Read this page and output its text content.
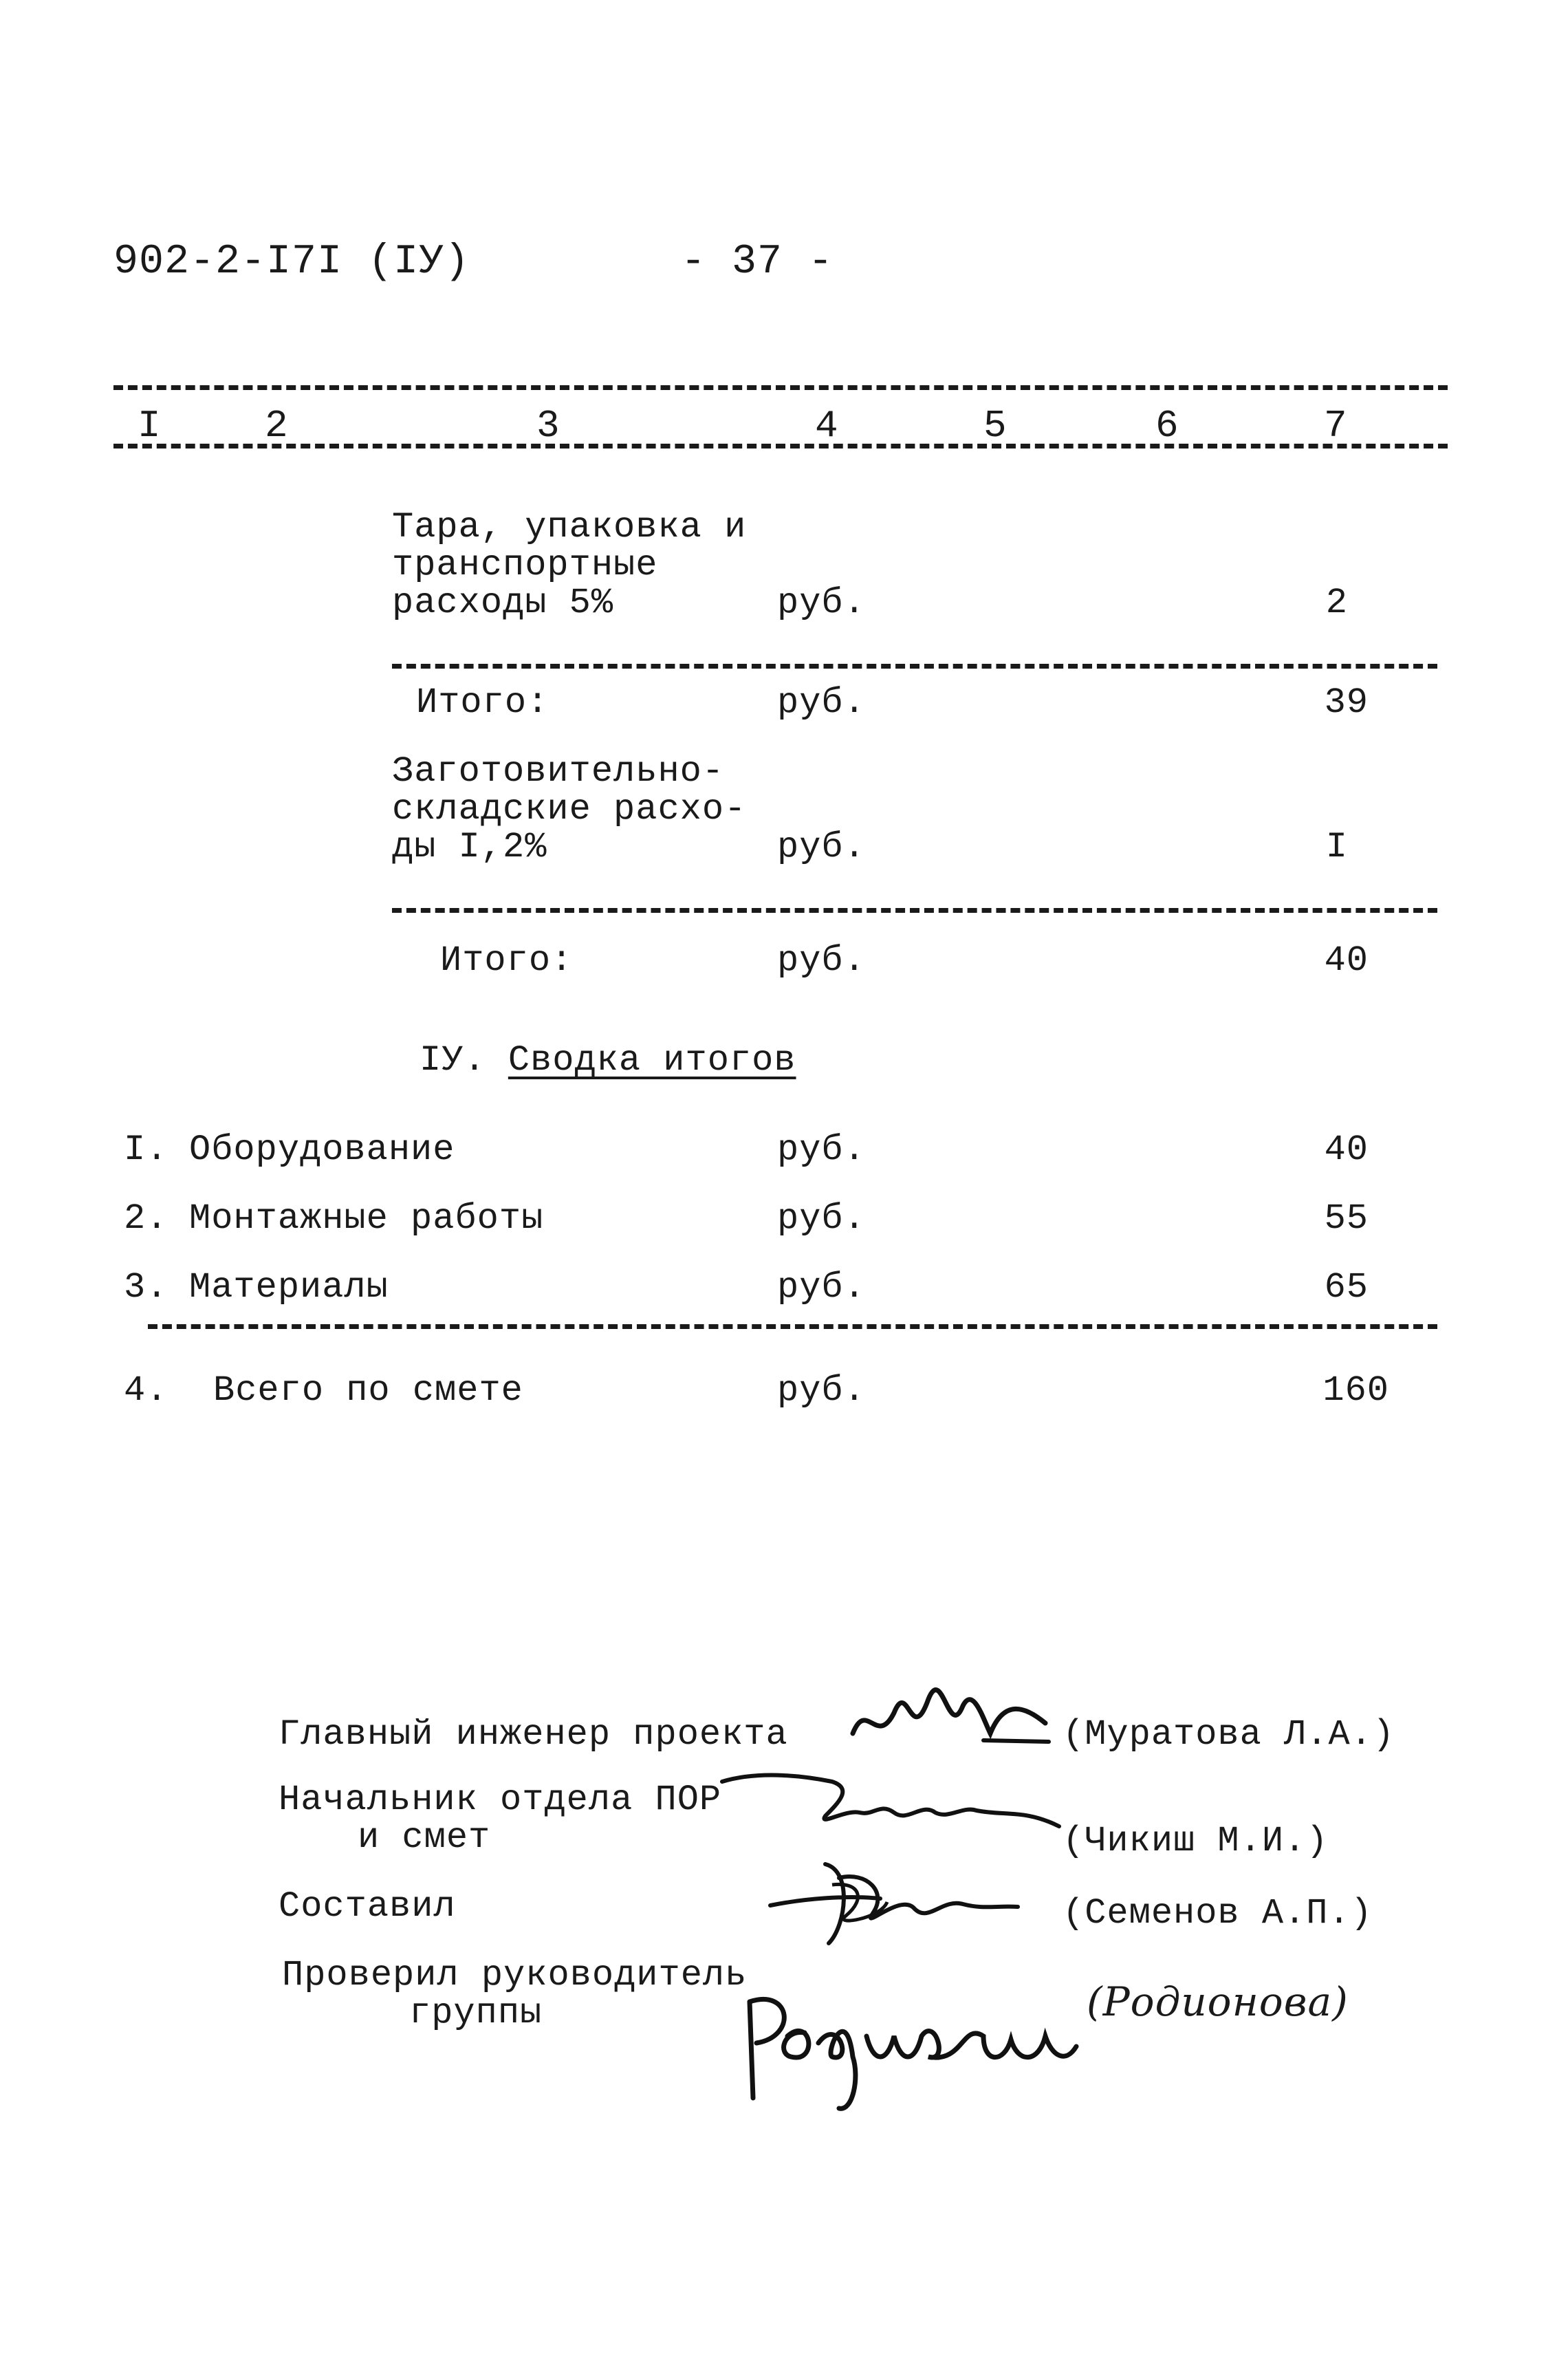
902-2-I7I (IУ)	- 37 -
I	2	3	4	5	6	7
Тара, упаковка и
транспортные
расходы 5%	руб.	2
Итого:	руб.	39
Заготовительно-
складские расхо-
ды I,2%	руб.	I
Итого:	руб.	40
IУ. Сводка итогов
I. Оборудование	руб.	40
2. Монтажные работы	руб.	55
3. Материалы	руб.	65
4. Всего по смете	руб.	160
Главный инженер проекта	(Муратова Л.А.)
Начальник отдела ПОР
и смет	(Чикиш М.И.)
Составил	(Семенов А.П.)
Проверил руководитель
группы	(Родионова)
